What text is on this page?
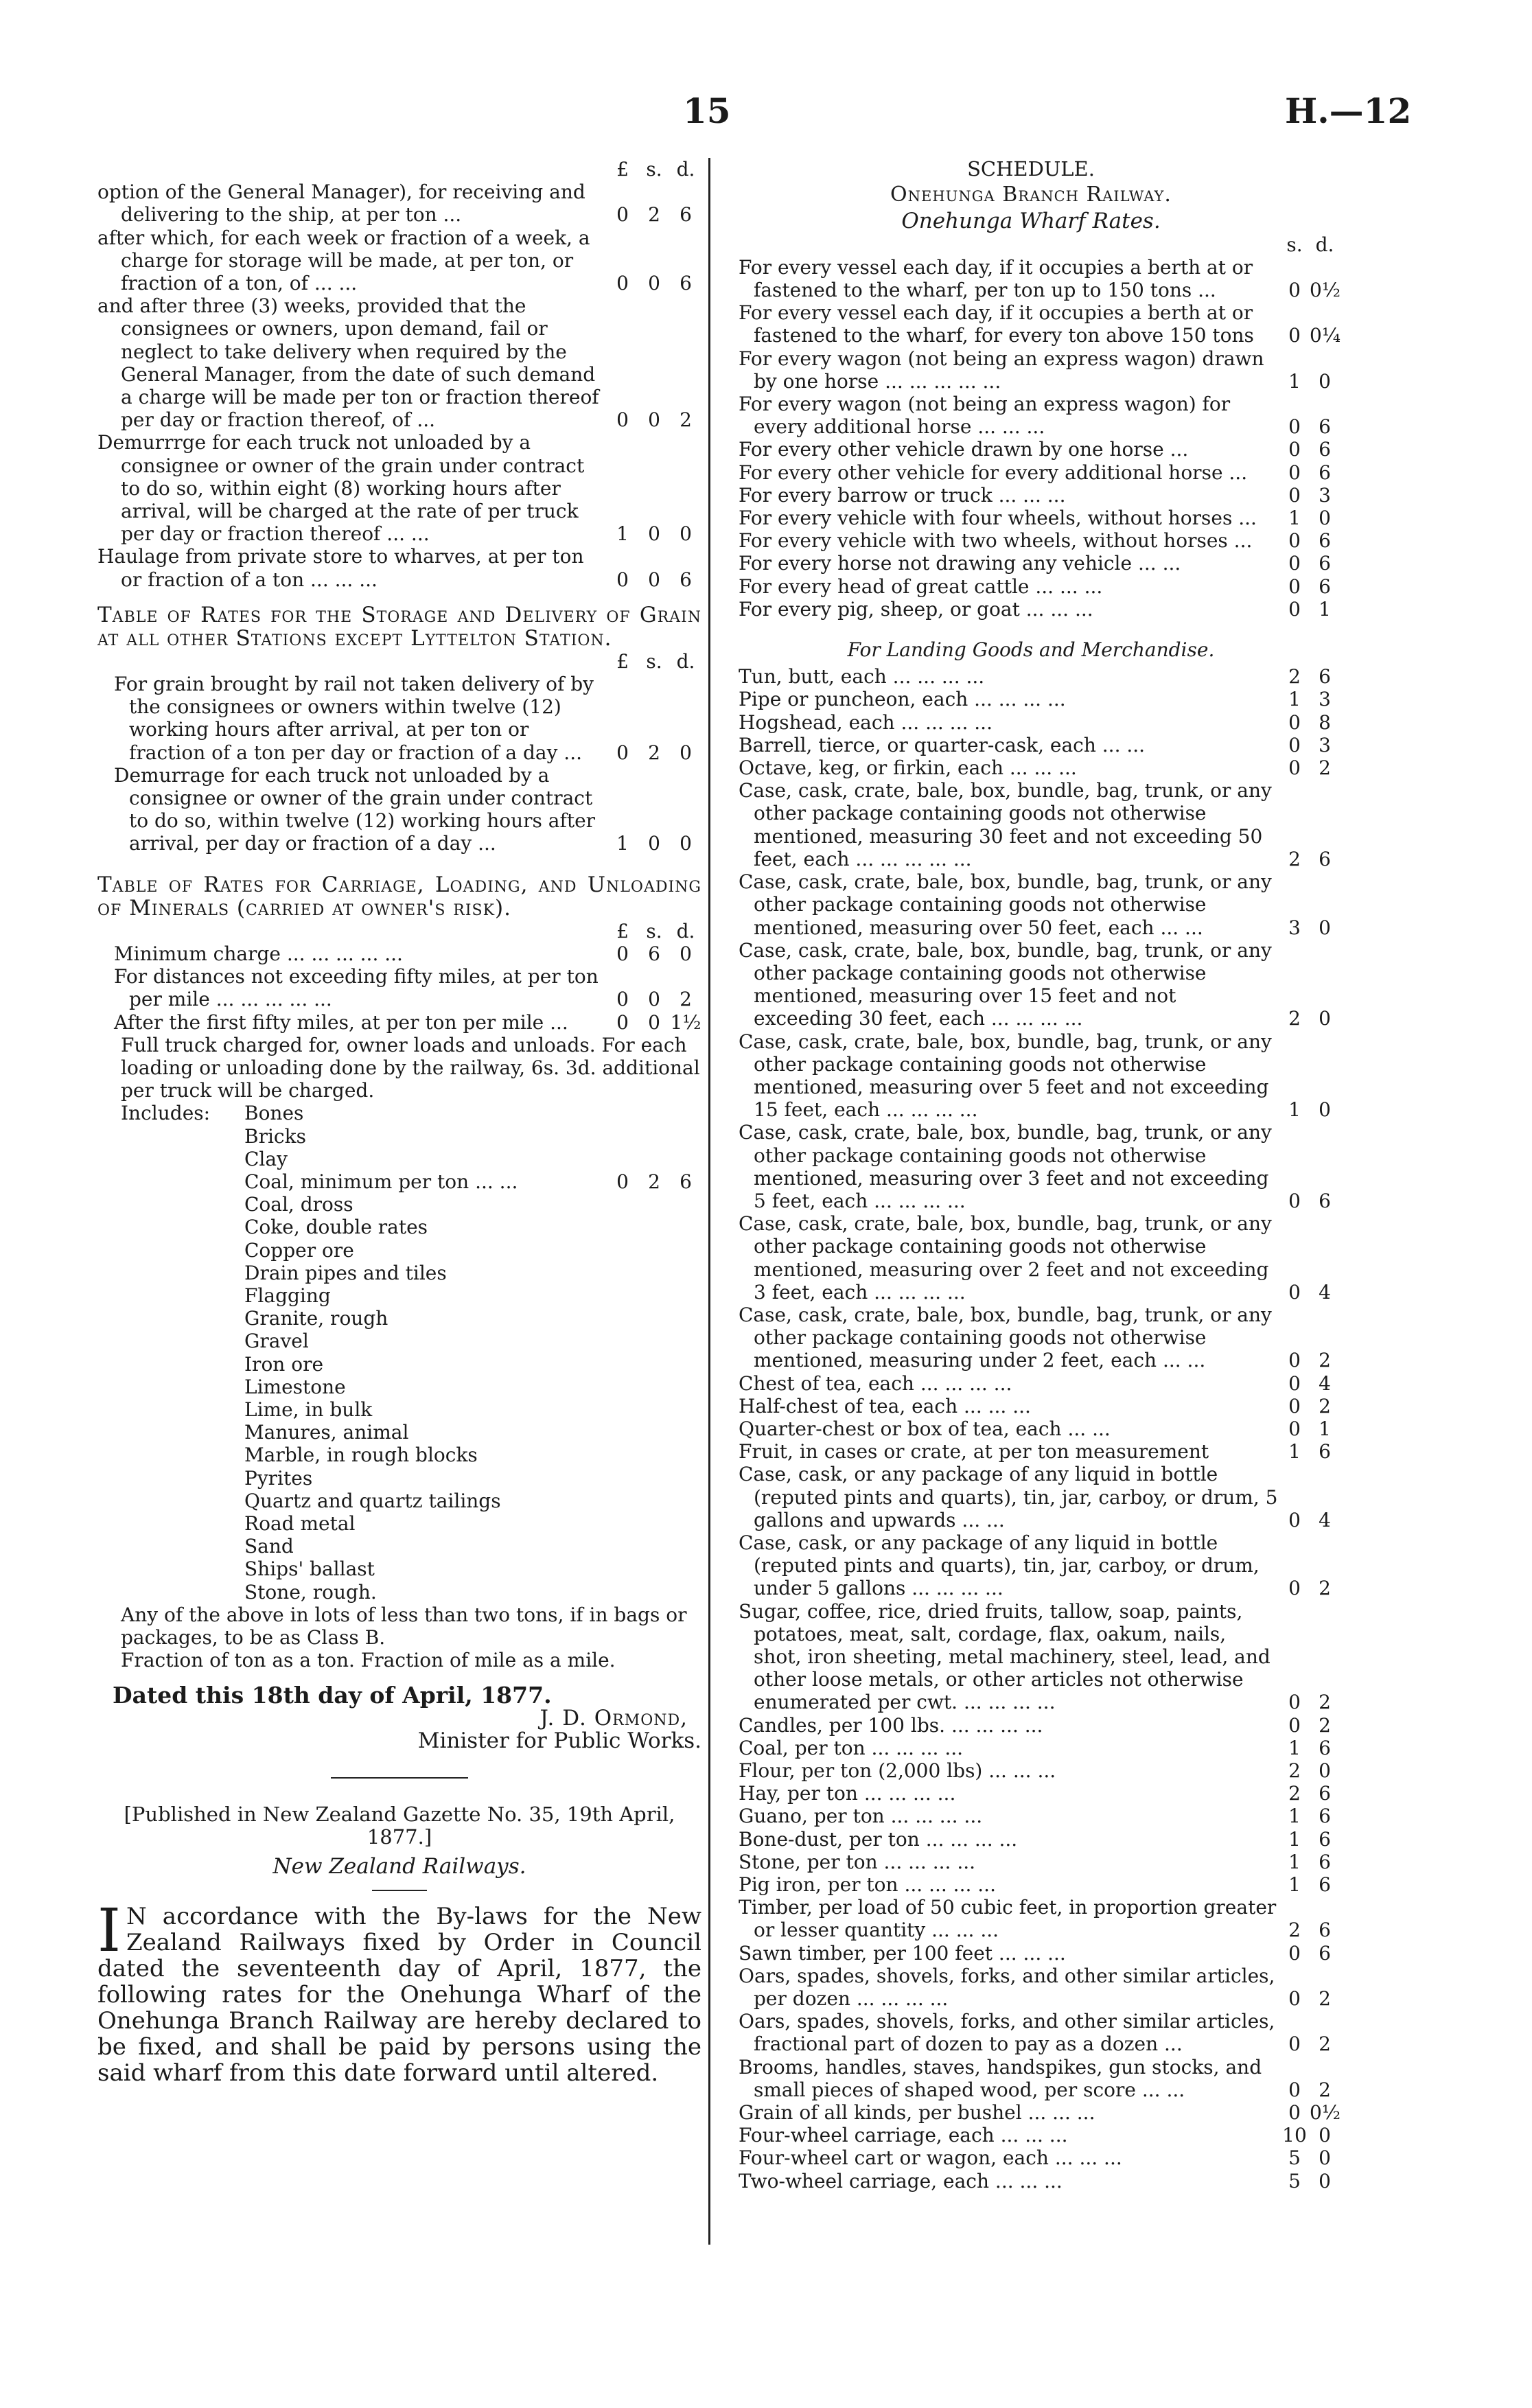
15	H.—12
£ s. d.
option of the General Manager), for receiving and delivering to the ship, at per ton ...	0	2	6
after which, for each week or fraction of a week, a charge for storage will be made, at per ton, or fraction of a ton, of ... ...	0	0	6
and after three (3) weeks, provided that the consignees or owners, upon demand, fail or neglect to take delivery when required by the General Manager, from the date of such demand a charge will be made per ton or fraction thereof per day or fraction thereof, of ...	0	0	2
Demurrrge for each truck not unloaded by a consignee or owner of the grain under contract to do so, within eight (8) working hours after arrival, will be charged at the rate of per truck per day or fraction thereof ... ...	1	0	0
Haulage from private store to wharves, at per ton or fraction of a ton ... ... ...	0	0	6
Table of Rates for the Storage and Delivery of Grain at all other Stations except Lyttelton Station.
£ s. d.
For grain brought by rail not taken delivery of by the consignees or owners within twelve (12) working hours after arrival, at per ton or fraction of a ton per day or fraction of a day ...	0	2	0
Demurrage for each truck not unloaded by a consignee or owner of the grain under contract to do so, within twelve (12) working hours after arrival, per day or fraction of a day ...	1	0	0
Table of Rates for Carriage, Loading, and Unloading of Minerals (carried at owner's risk).
£ s. d.
Minimum charge ... ... ... ... ...	0	6	0
For distances not exceeding fifty miles, at per ton per mile ... ... ... ... ...	0	0	2
After the first fifty miles, at per ton per mile ...	0	0 1½
Full truck charged for, owner loads and unloads. For each loading or unloading done by the railway, 6s. 3d. additional per truck will be charged.
Includes: Bones
Bricks
Clay
Coal, minimum per ton ... ...	0	2	6
Coal, dross
Coke, double rates
Copper ore
Drain pipes and tiles
Flagging
Granite, rough
Gravel
Iron ore
Limestone
Lime, in bulk
Manures, animal
Marble, in rough blocks
Pyrites
Quartz and quartz tailings
Road metal
Sand
Ships' ballast
Stone, rough.
Any of the above in lots of less than two tons, if in bags or packages, to be as Class B.
Fraction of ton as a ton. Fraction of mile as a mile.
Dated this 18th day of April, 1877.
J. D. Ormond,
Minister for Public Works.
[Published in New Zealand Gazette No. 35, 19th April, 1877.]
New Zealand Railways.
I N accordance with the By-laws for the New Zealand Railways fixed by Order in Council dated the seventeenth day of April, 1877, the following rates for the Onehunga Wharf of the Onehunga Branch Railway are hereby declared to be fixed, and shall be paid by persons using the said wharf from this date forward until altered.
SCHEDULE.
Onehunga Branch Railway.
Onehunga Wharf Rates.
s. d.
For every vessel each day, if it occupies a berth at or fastened to the wharf, per ton up to 150 tons ...	0 0½
For every vessel each day, if it occupies a berth at or fastened to the wharf, for every ton above 150 tons	0 0¼
For every wagon (not being an express wagon) drawn by one horse ... ... ... ... ...	1 0
For every wagon (not being an express wagon) for every additional horse ... ... ...	0 6
For every other vehicle drawn by one horse ...	0 6
For every other vehicle for every additional horse ...	0 6
For every barrow or truck ... ... ...	0 3
For every vehicle with four wheels, without horses ...	1 0
For every vehicle with two wheels, without horses ...	0 6
For every horse not drawing any vehicle ... ...	0 6
For every head of great cattle ... ... ...	0 6
For every pig, sheep, or goat ... ... ...	0 1
For Landing Goods and Merchandise.
Tun, butt, each ... ... ... ...	2 6
Pipe or puncheon, each ... ... ... ...	1 3
Hogshead, each ... ... ... ...	0 8
Barrell, tierce, or quarter-cask, each ... ...	0 3
Octave, keg, or firkin, each ... ... ...	0 2
Case, cask, crate, bale, box, bundle, bag, trunk, or any other package containing goods not otherwise mentioned, measuring 30 feet and not exceeding 50 feet, each ... ... ... ... ...	2 6
Case, cask, crate, bale, box, bundle, bag, trunk, or any other package containing goods not otherwise mentioned, measuring over 50 feet, each ... ...	3 0
Case, cask, crate, bale, box, bundle, bag, trunk, or any other package containing goods not otherwise mentioned, measuring over 15 feet and not exceeding 30 feet, each ... ... ... ...	2 0
Case, cask, crate, bale, box, bundle, bag, trunk, or any other package containing goods not otherwise mentioned, measuring over 5 feet and not exceeding 15 feet, each ... ... ... ...	1 0
Case, cask, crate, bale, box, bundle, bag, trunk, or any other package containing goods not otherwise mentioned, measuring over 3 feet and not exceeding 5 feet, each ... ... ... ...	0 6
Case, cask, crate, bale, box, bundle, bag, trunk, or any other package containing goods not otherwise mentioned, measuring over 2 feet and not exceeding 3 feet, each ... ... ... ...	0 4
Case, cask, crate, bale, box, bundle, bag, trunk, or any other package containing goods not otherwise mentioned, measuring under 2 feet, each ... ...	0 2
Chest of tea, each ... ... ... ...	0 4
Half-chest of tea, each ... ... ...	0 2
Quarter-chest or box of tea, each ... ...	0 1
Fruit, in cases or crate, at per ton measurement	1 6
Case, cask, or any package of any liquid in bottle (reputed pints and quarts), tin, jar, carboy, or drum, 5 gallons and upwards ... ...	0 4
Case, cask, or any package of any liquid in bottle (reputed pints and quarts), tin, jar, carboy, or drum, under 5 gallons ... ... ... ...	0 2
Sugar, coffee, rice, dried fruits, tallow, soap, paints, potatoes, meat, salt, cordage, flax, oakum, nails, shot, iron sheeting, metal machinery, steel, lead, and other loose metals, or other articles not otherwise enumerated per cwt. ... ... ... ...	0 2
Candles, per 100 lbs. ... ... ... ...	0 2
Coal, per ton ... ... ... ...	1 6
Flour, per ton (2,000 lbs) ... ... ...	2 0
Hay, per ton ... ... ... ...	2 6
Guano, per ton ... ... ... ...	1 6
Bone-dust, per ton ... ... ... ...	1 6
Stone, per ton ... ... ... ...	1 6
Pig iron, per ton ... ... ... ...	1 6
Timber, per load of 50 cubic feet, in proportion greater or lesser quantity ... ... ...	2 6
Sawn timber, per 100 feet ... ... ...	0 6
Oars, spades, shovels, forks, and other similar articles, per dozen ... ... ... ...	0 2
Oars, spades, shovels, forks, and other similar articles, fractional part of dozen to pay as a dozen ...	0 2
Brooms, handles, staves, handspikes, gun stocks, and small pieces of shaped wood, per score ... ...	0 2
Grain of all kinds, per bushel ... ... ...	0 0½
Four-wheel carriage, each ... ... ...	10 0
Four-wheel cart or wagon, each ... ... ...	5 0
Two-wheel carriage, each ... ... ...	5 0
